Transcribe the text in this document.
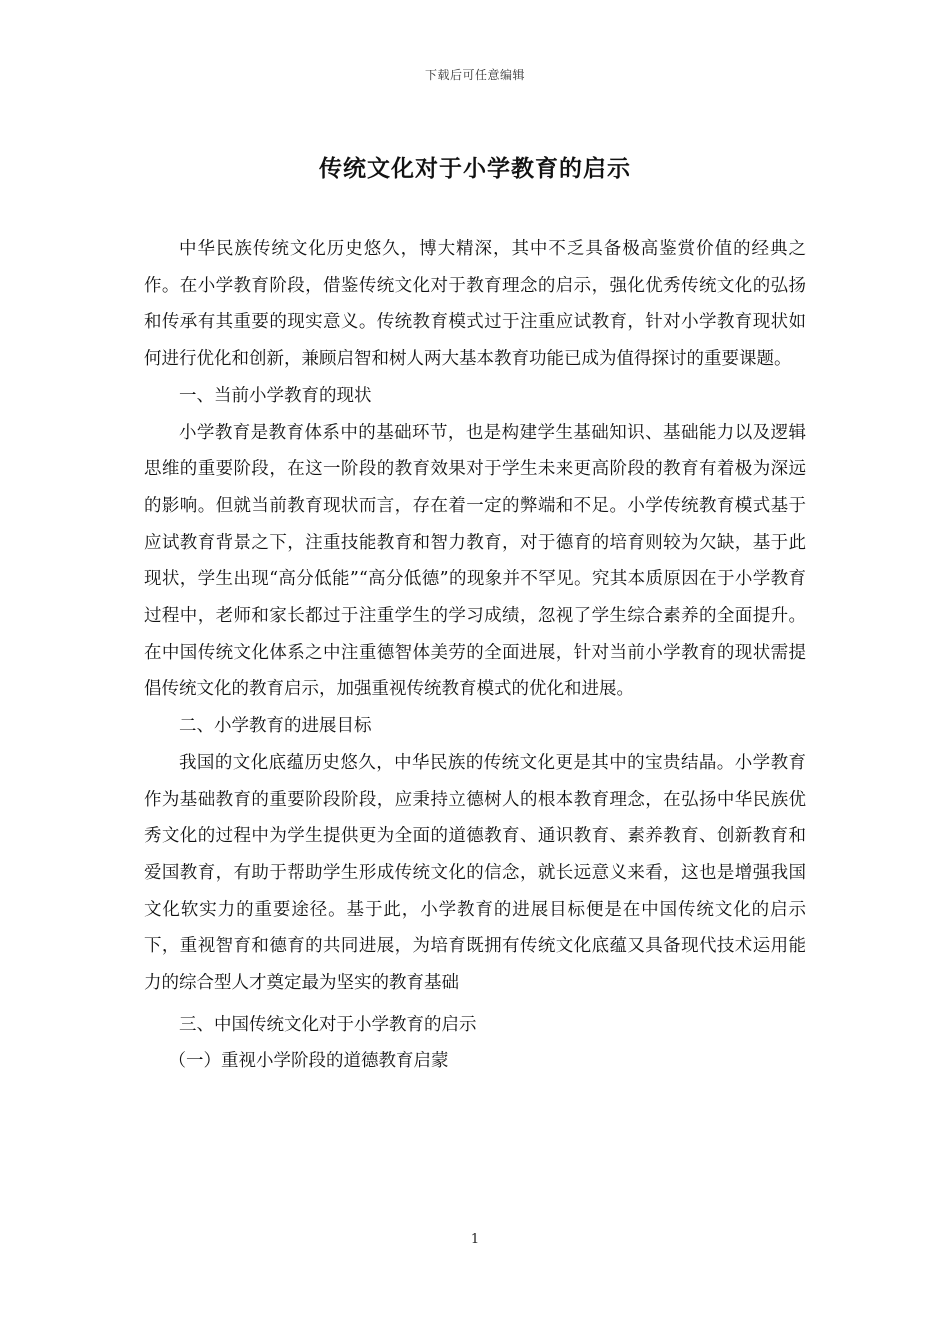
下载后可任意编辑
传统文化对于小学教育的启示

中华民族传统文化历史悠久，博大精深，其中不乏具备极高鉴赏价值的经典之作。在小学教育阶段，借鉴传统文化对于教育理念的启示，强化优秀传统文化的弘扬和传承有其重要的现实意义。传统教育模式过于注重应试教育，针对小学教育现状如何进行优化和创新，兼顾启智和树人两大基本教育功能已成为值得探讨的重要课题。

一、当前小学教育的现状

小学教育是教育体系中的基础环节，也是构建学生基础知识、基础能力以及逻辑思维的重要阶段，在这一阶段的教育效果对于学生未来更高阶段的教育有着极为深远的影响。但就当前教育现状而言，存在着一定的弊端和不足。小学传统教育模式基于应试教育背景之下，注重技能教育和智力教育，对于德育的培育则较为欠缺，基于此现状，学生出现“高分低能”“高分低德”的现象并不罕见。究其本质原因在于小学教育过程中，老师和家长都过于注重学生的学习成绩，忽视了学生综合素养的全面提升。在中国传统文化体系之中注重德智体美劳的全面进展，针对当前小学教育的现状需提倡传统文化的教育启示，加强重视传统教育模式的优化和进展。

二、小学教育的进展目标

我国的文化底蕴历史悠久，中华民族的传统文化更是其中的宝贵结晶。小学教育作为基础教育的重要阶段阶段，应秉持立德树人的根本教育理念，在弘扬中华民族优秀文化的过程中为学生提供更为全面的道德教育、通识教育、素养教育、创新教育和爱国教育，有助于帮助学生形成传统文化的信念，就长远意义来看，这也是增强我国文化软实力的重要途径。基于此，小学教育的进展目标便是在中国传统文化的启示下，重视智育和德育的共同进展，为培育既拥有传统文化底蕴又具备现代技术运用能力的综合型人才奠定最为坚实的教育基础

三、中国传统文化对于小学教育的启示

（一）重视小学阶段的道德教育启蒙

1
